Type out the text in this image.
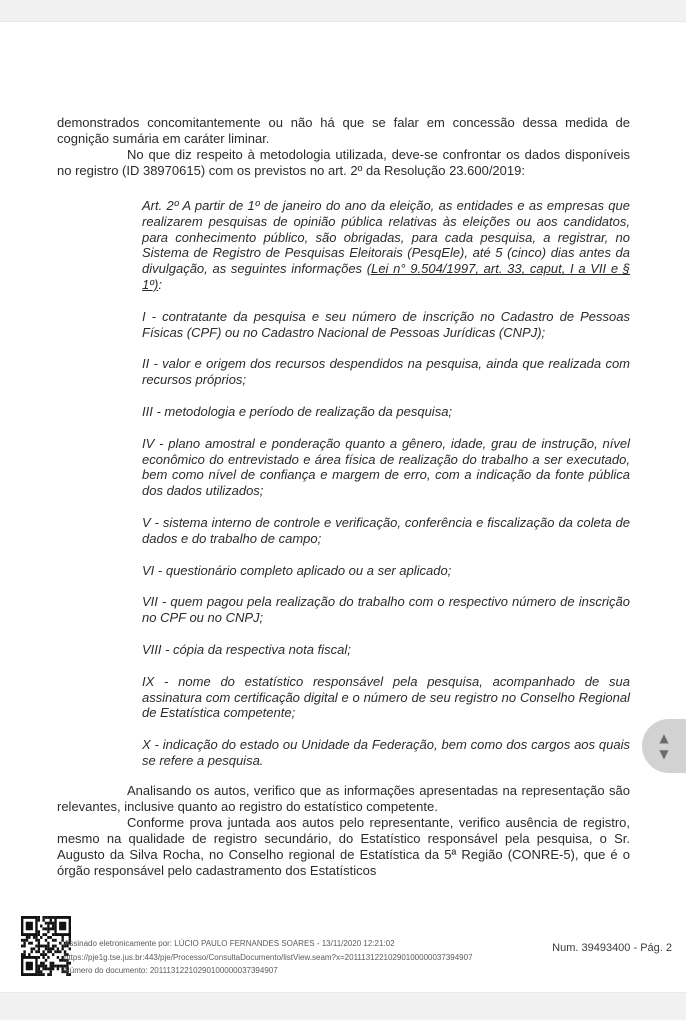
demonstrados concomitantemente ou não há que se falar em concessão dessa medida de cognição sumária em caráter liminar.

No que diz respeito à metodologia utilizada, deve-se confrontar os dados disponíveis no registro (ID 38970615) com os previstos no art. 2º da Resolução 23.600/2019:

Art. 2º A partir de 1º de janeiro do ano da eleição, as entidades e as empresas que realizarem pesquisas de opinião pública relativas às eleições ou aos candidatos, para conhecimento público, são obrigadas, para cada pesquisa, a registrar, no Sistema de Registro de Pesquisas Eleitorais (PesqEle), até 5 (cinco) dias antes da divulgação, as seguintes informações (Lei n° 9.504/1997, art. 33, caput, I a VII e § 1º):

I - contratante da pesquisa e seu número de inscrição no Cadastro de Pessoas Físicas (CPF) ou no Cadastro Nacional de Pessoas Jurídicas (CNPJ);

II - valor e origem dos recursos despendidos na pesquisa, ainda que realizada com recursos próprios;

III - metodologia e período de realização da pesquisa;

IV - plano amostral e ponderação quanto a gênero, idade, grau de instrução, nível econômico do entrevistado e área física de realização do trabalho a ser executado, bem como nível de confiança e margem de erro, com a indicação da fonte pública dos dados utilizados;

V - sistema interno de controle e verificação, conferência e fiscalização da coleta de dados e do trabalho de campo;

VI - questionário completo aplicado ou a ser aplicado;

VII - quem pagou pela realização do trabalho com o respectivo número de inscrição no CPF ou no CNPJ;

VIII - cópia da respectiva nota fiscal;

IX - nome do estatístico responsável pela pesquisa, acompanhado de sua assinatura com certificação digital e o número de seu registro no Conselho Regional de Estatística competente;

X - indicação do estado ou Unidade da Federação, bem como dos cargos aos quais se refere a pesquisa.

Analisando os autos, verifico que as informações apresentadas na representação são relevantes, inclusive quanto ao registro do estatístico competente.

Conforme prova juntada aos autos pelo representante, verifico ausência de registro, mesmo na qualidade de registro secundário, do Estatístico responsável pela pesquisa, o Sr. Augusto da Silva Rocha, no Conselho regional de Estatística da 5ª Região (CONRE-5), que é o órgão responsável pelo cadastramento dos Estatísticos

Assinado eletronicamente por: LÚCIO PAULO FERNANDES SOARES - 13/11/2020 12:21:02
https://pje1g.tse.jus.br:443/pje/Processo/ConsultaDocumento/listView.seam?x=20111312210290100000037394907
Número do documento: 20111312210290100000037394907
Num. 39493400 - Pág. 2
▲
▼
